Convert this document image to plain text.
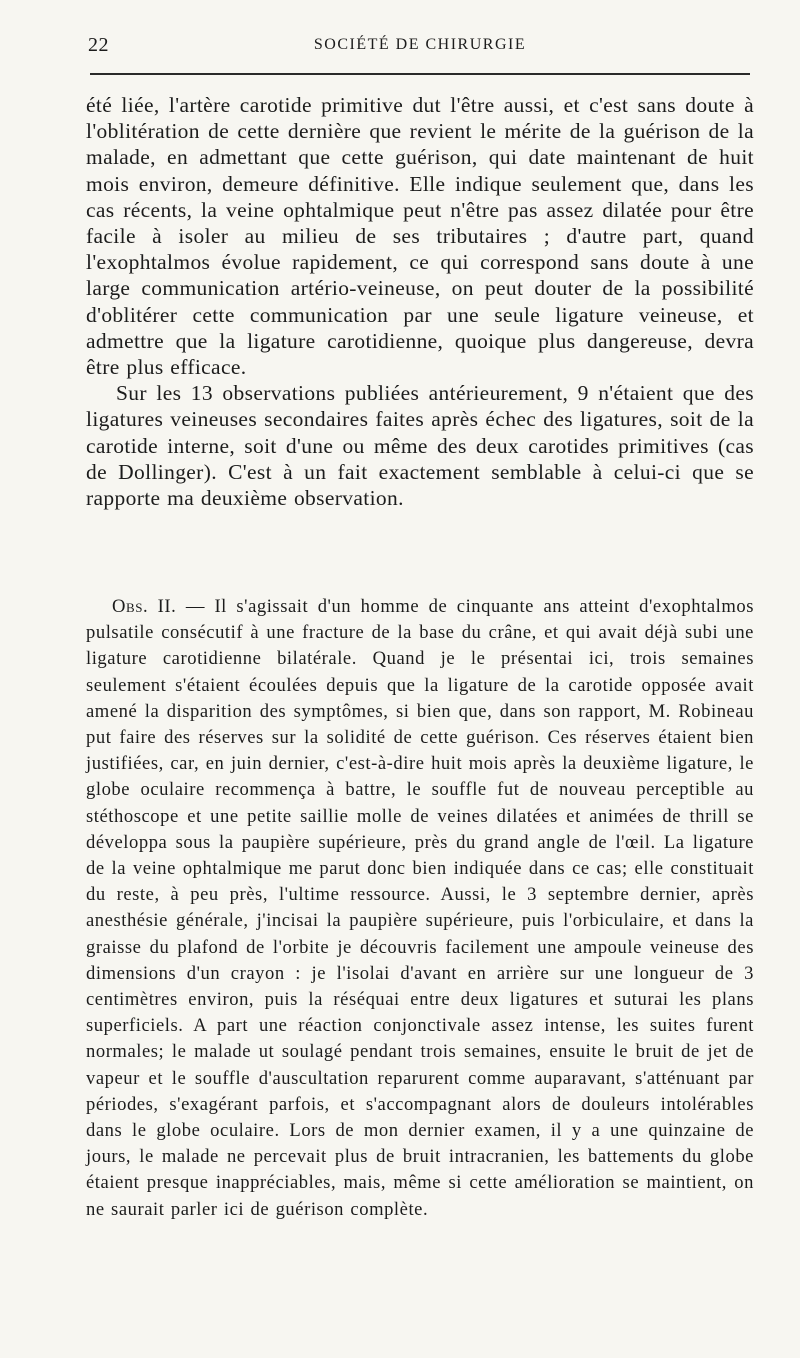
22	SOCIÉTÉ DE CHIRURGIE

été liée, l'artère carotide primitive dut l'être aussi, et c'est sans doute à l'oblitération de cette dernière que revient le mérite de la guérison de la malade, en admettant que cette guérison, qui date maintenant de huit mois environ, demeure définitive. Elle indique seulement que, dans les cas récents, la veine ophtalmique peut n'être pas assez dilatée pour être facile à isoler au milieu de ses tributaires ; d'autre part, quand l'exophtalmos évolue rapidement, ce qui correspond sans doute à une large communication artério-veineuse, on peut douter de la possibilité d'oblitérer cette communication par une seule ligature veineuse, et admettre que la ligature carotidienne, quoique plus dangereuse, devra être plus efficace.

Sur les 13 observations publiées antérieurement, 9 n'étaient que des ligatures veineuses secondaires faites après échec des ligatures, soit de la carotide interne, soit d'une ou même des deux carotides primitives (cas de Dollinger). C'est à un fait exactement semblable à celui-ci que se rapporte ma deuxième observation.

Obs. II. — Il s'agissait d'un homme de cinquante ans atteint d'exophtalmos pulsatile consécutif à une fracture de la base du crâne, et qui avait déjà subi une ligature carotidienne bilatérale. Quand je le présentai ici, trois semaines seulement s'étaient écoulées depuis que la ligature de la carotide opposée avait amené la disparition des symptômes, si bien que, dans son rapport, M. Robineau put faire des réserves sur la solidité de cette guérison. Ces réserves étaient bien justifiées, car, en juin dernier, c'est-à-dire huit mois après la deuxième ligature, le globe oculaire recommença à battre, le souffle fut de nouveau perceptible au stéthoscope et une petite saillie molle de veines dilatées et animées de thrill se développa sous la paupière supérieure, près du grand angle de l'œil. La ligature de la veine ophtalmique me parut donc bien indiquée dans ce cas; elle constituait du reste, à peu près, l'ultime ressource. Aussi, le 3 septembre dernier, après anesthésie générale, j'incisai la paupière supérieure, puis l'orbiculaire, et dans la graisse du plafond de l'orbite je découvris facilement une ampoule veineuse des dimensions d'un crayon : je l'isolai d'avant en arrière sur une longueur de 3 centimètres environ, puis la réséquai entre deux ligatures et suturai les plans superficiels. A part une réaction conjonctivale assez intense, les suites furent normales; le malade ut soulagé pendant trois semaines, ensuite le bruit de jet de vapeur et le souffle d'auscultation reparurent comme auparavant, s'atténuant par périodes, s'exagérant parfois, et s'accompagnant alors de douleurs intolérables dans le globe oculaire. Lors de mon dernier examen, il y a une quinzaine de jours, le malade ne percevait plus de bruit intracranien, les battements du globe étaient presque inappréciables, mais, même si cette amélioration se maintient, on ne saurait parler ici de guérison complète.
